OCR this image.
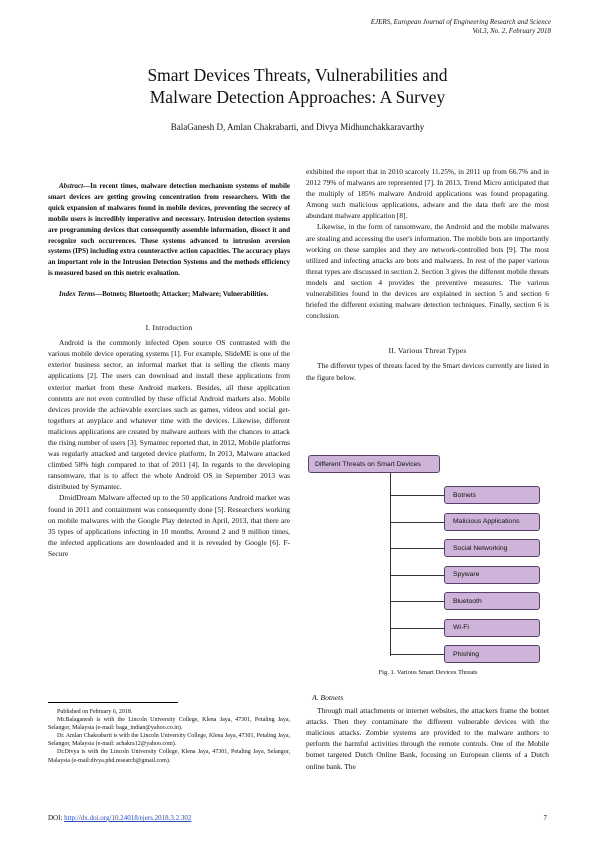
EJERS, European Journal of Engineering Research and Science
Vol.3, No. 2, February 2018
Smart Devices Threats, Vulnerabilities and
Malware Detection Approaches: A Survey
BalaGanesh D, Amlan Chakrabarti, and Divya Midhunchakkaravarthy

Abstract—In recent times, malware detection mechanism systems of mobile smart devices are getting growing concentration from researchers. With the quick expansion of malwares found in mobile devices, preventing the secrecy of mobile users is incredibly imperative and necessary. Intrusion detection systems are programming devices that consequently assemble information, dissect it and recognize such occurrences. These systems advanced to intrusion aversion systems (IPS) including extra counteractive action capacities. The accuracy plays an important role in the Intrusion Detection Systems and the methods efficiency is measured based on this metric evaluation.

Index Terms—Botnets; Bluetooth; Attacker; Malware; Vulnerabilities.

I. Introduction

Android is the commonly infected Open source OS contrasted with the various mobile device operating systems [1]. For example, SlideME is one of the exterior business sector, an informal market that is selling the clients many applications [2]. The users can download and install these applications from exterior market from these Android markets. Besides, all these application contents are not even controlled by these official Android markets also. Mobile devices provide the achievable exercises such as games, videos and social get-togethers at anyplace and whatever time with the devices. Likewise, different malicious applications are created by malware authors with the chances to attack the rising number of users [3]. Symantec reported that, in 2012, Mobile platforms was regularly attacked and targeted device platform, In 2013, Malware attacked climbed 58% high compared to that of 2011 [4]. In regards to the developing ransomware, that is to affect the whole Android OS in September 2013 was distributed by Symantec.

DroidDream Malware affected up to the 50 applications Android market was found in 2011 and containment was consequently done [5]. Researchers working on mobile malwares with the Google Play detected in April, 2013, that there are 35 types of applications infecting in 10 months. Around 2 and 9 million times, the infected applications are downloaded and it is revealed by Google [6]. F-Secure

Published on February 6, 2018.

Mr.Balaganesh is with the Lincoln University College, Klena Jaya, 47301, Petaling Jaya, Selangor, Malaysia (e-mail: baga_indian@yahoo.co.in).

Dr. Amlan Chakrabarti is with the Lincoln University College, Klena Jaya, 47301, Petaling Jaya, Selangor, Malaysia (e-mail: achakra12@yahoo.com).

Dr.Divya is with the Lincoln University College, Klena Jaya, 47301, Petaling Jaya, Selangor, Malaysia (e-mail:divya.phd.research@gmail.com).

exhibited the report that in 2010 scarcely 11.25%, in 2011 up from 66.7% and in 2012 79% of malwares are represented [7]. In 2013, Trend Micro anticipated that the multiply of 185% malware Android applications was found propagating. Among such malicious applications, adware and the data theft are the most abundant malware application [8].

Likewise, in the form of ransomware, the Android and the mobile malwares are stealing and accessing the user's information. The mobile bots are importantly working on these samples and they are network-controlled bots [9]. The most utilized and infecting attacks are bots and malwares. In rest of the paper various threat types are discussed in section 2. Section 3 gives the different mobile threats models and section 4 provides the preventive measures. The various vulnerabilities found in the devices are explained in section 5 and section 6 briefed the different existing malware detection techniques. Finally, section 6 is conclusion.

II. Various Threat Types

The different types of threats faced by the Smart devices currently are listed in the figure below.

Different Threats on Smart Devices
Botnets
Malicious Applications
Social Networking
Spyware
Bluetooth
Wi-Fi
Phishing
Fig. 1. Various Smart Devices Threats

A. Botnets

Through mail attachments or internet websites, the attackers frame the botnet attacks. Then they contaminate the different vulnerable devices with the malicious attacks. Zombie systems are provided to the malware authors to perform the harmful activities through the remote controls. One of the Mobile botnet targeted Dutch Online Bank, focusing on European clients of a Dutch online bank. The

DOI: http://dx.doi.org/10.24018/ejers.2018.3.2.302	7
